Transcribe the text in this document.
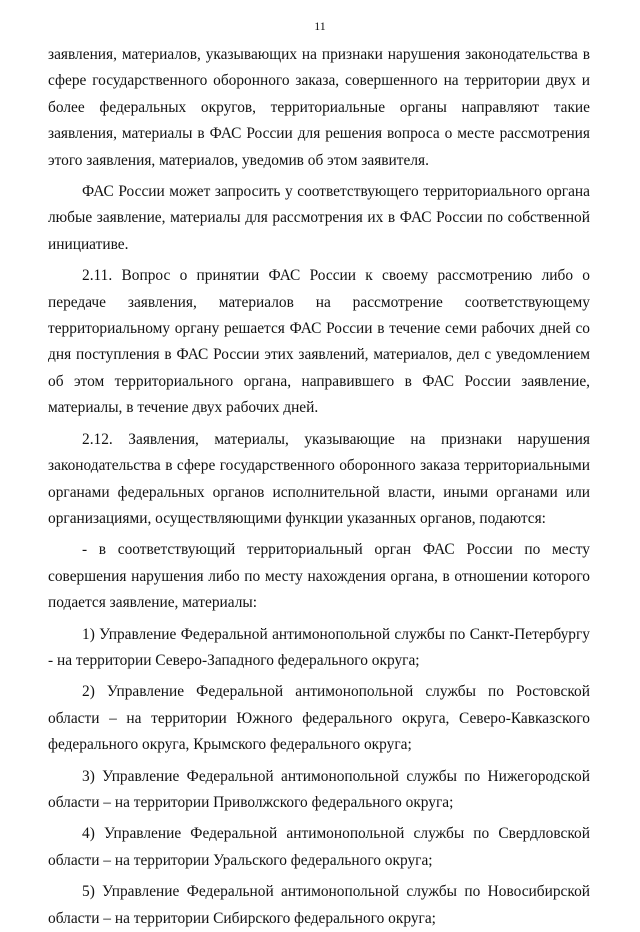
11

заявления, материалов, указывающих на признаки нарушения законодательства в
сфере государственного оборонного заказа, совершенного на территории двух и
более федеральных округов, территориальные органы направляют такие
заявления, материалы в ФАС России для решения вопроса о месте рассмотрения
этого заявления, материалов, уведомив об этом заявителя.

ФАС России может запросить у соответствующего территориального органа
любые заявление, материалы для рассмотрения их в ФАС России по собственной
инициативе.

2.11. Вопрос о принятии ФАС России к своему рассмотрению либо о
передаче заявления, материалов на рассмотрение соответствующему
территориальному органу решается ФАС России в течение семи рабочих дней со
дня поступления в ФАС России этих заявлений, материалов, дел с уведомлением
об этом территориального органа, направившего в ФАС России заявление,
материалы, в течение двух рабочих дней.

2.12. Заявления, материалы, указывающие на признаки нарушения
законодательства в сфере государственного оборонного заказа территориальными
органами федеральных органов исполнительной власти, иными органами или
организациями, осуществляющими функции указанных органов, подаются:

- в соответствующий территориальный орган ФАС России по месту
совершения нарушения либо по месту нахождения органа, в отношении которого
подается заявление, материалы:

1) Управление Федеральной антимонопольной службы по Санкт-Петербургу
- на территории Северо-Западного федерального округа;

2) Управление Федеральной антимонопольной службы по Ростовской
области – на территории Южного федерального округа, Северо-Кавказского
федерального округа, Крымского федерального округа;

3) Управление Федеральной антимонопольной службы по Нижегородской
области – на территории Приволжского федерального округа;

4) Управление Федеральной антимонопольной службы по Свердловской
области – на территории Уральского федерального округа;

5) Управление Федеральной антимонопольной службы по Новосибирской
области – на территории Сибирского федерального округа;
